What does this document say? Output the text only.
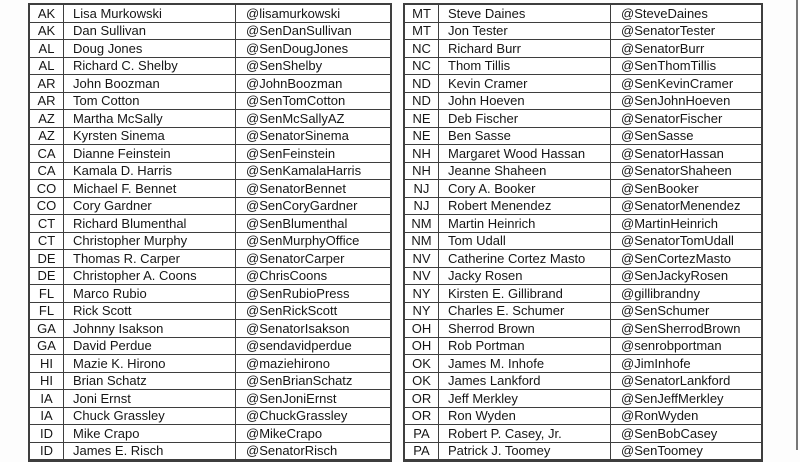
AK	Lisa Murkowski	@lisamurkowski
AK	Dan Sullivan	@SenDanSullivan
AL	Doug Jones	@SenDougJones
AL	Richard C. Shelby	@SenShelby
AR	John Boozman	@JohnBoozman
AR	Tom Cotton	@SenTomCotton
AZ	Martha McSally	@SenMcSallyAZ
AZ	Kyrsten Sinema	@SenatorSinema
CA	Dianne Feinstein	@SenFeinstein
CA	Kamala D. Harris	@SenKamalaHarris
CO	Michael F. Bennet	@SenatorBennet
CO	Cory Gardner	@SenCoryGardner
CT	Richard Blumenthal	@SenBlumenthal
CT	Christopher Murphy	@SenMurphyOffice
DE	Thomas R. Carper	@SenatorCarper
DE	Christopher A. Coons	@ChrisCoons
FL	Marco Rubio	@SenRubioPress
FL	Rick Scott	@SenRickScott
GA	Johnny Isakson	@SenatorIsakson
GA	David Perdue	@sendavidperdue
HI	Mazie K. Hirono	@maziehirono
HI	Brian Schatz	@SenBrianSchatz
IA	Joni Ernst	@SenJoniErnst
IA	Chuck Grassley	@ChuckGrassley
ID	Mike Crapo	@MikeCrapo
ID	James E. Risch	@SenatorRisch
MT	Steve Daines	@SteveDaines
MT	Jon Tester	@SenatorTester
NC	Richard Burr	@SenatorBurr
NC	Thom Tillis	@SenThomTillis
ND	Kevin Cramer	@SenKevinCramer
ND	John Hoeven	@SenJohnHoeven
NE	Deb Fischer	@SenatorFischer
NE	Ben Sasse	@SenSasse
NH	Margaret Wood Hassan	@SenatorHassan
NH	Jeanne Shaheen	@SenatorShaheen
NJ	Cory A. Booker	@SenBooker
NJ	Robert Menendez	@SenatorMenendez
NM	Martin Heinrich	@MartinHeinrich
NM	Tom Udall	@SenatorTomUdall
NV	Catherine Cortez Masto	@SenCortezMasto
NV	Jacky Rosen	@SenJackyRosen
NY	Kirsten E. Gillibrand	@gillibrandny
NY	Charles E. Schumer	@SenSchumer
OH	Sherrod Brown	@SenSherrodBrown
OH	Rob Portman	@senrobportman
OK	James M. Inhofe	@JimInhofe
OK	James Lankford	@SenatorLankford
OR	Jeff Merkley	@SenJeffMerkley
OR	Ron Wyden	@RonWyden
PA	Robert P. Casey, Jr.	@SenBobCasey
PA	Patrick J. Toomey	@SenToomey
